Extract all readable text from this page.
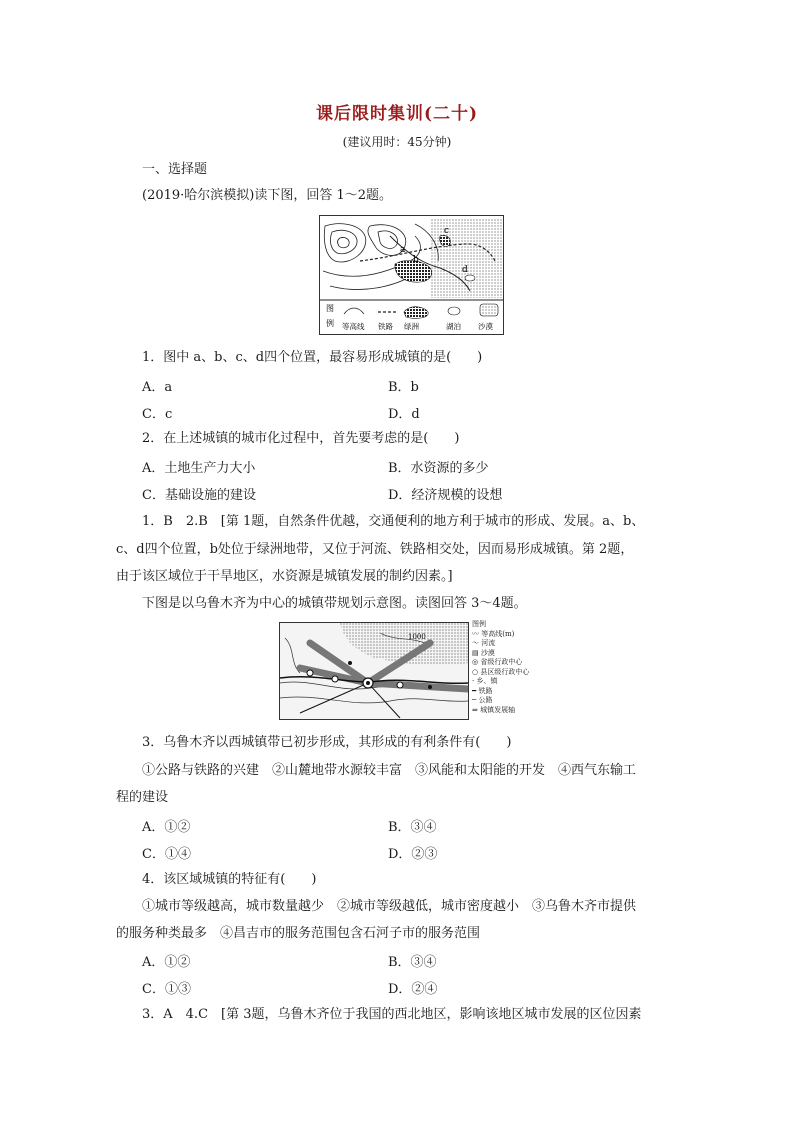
课后限时集训(二十)
(建议用时：45分钟)
一、选择题
(2019·哈尔滨模拟)读下图，回答 1～2题。
a
b
c
d
图
例 等高线 铁路 绿洲	湖泊 沙漠
1．图中 a、b、c、d四个位置，最容易形成城镇的是(　　)
A．a	B．b
C．c	D．d
2．在上述城镇的城市化过程中，首先要考虑的是(　　)
A．土地生产力大小	B．水资源的多少
C．基础设施的建设	D．经济规模的设想
1．B　2.B　[第 1题，自然条件优越，交通便利的地方利于城市的形成、发展。a、b、
c、d四个位置，b处位于绿洲地带，又位于河流、铁路相交处，因而易形成城镇。第 2题，
由于该区域位于干旱地区，水资源是城镇发展的制约因素。]
下图是以乌鲁木齐为中心的城镇带规划示意图。读图回答 3～4题。
1000
图例
〰 等高线(m)
～ 河流
▤ 沙漠
◎ 省级行政中心
○ 县区级行政中心
· 乡、镇
━ 铁路
─ 公路
⇒ 城镇发展轴
3．乌鲁木齐以西城镇带已初步形成，其形成的有利条件有(　　)
①公路与铁路的兴建　②山麓地带水源较丰富　③风能和太阳能的开发　④西气东输工
程的建设
A．①②	B．③④
C．①④	D．②③
4．该区域城镇的特征有(　　)
①城市等级越高，城市数量越少　②城市等级越低，城市密度越小　③乌鲁木齐市提供
的服务种类最多　④昌吉市的服务范围包含石河子市的服务范围
A．①②	B．③④
C．①③	D．②④
3．A　4.C　[第 3题，乌鲁木齐位于我国的西北地区，影响该地区城市发展的区位因素
